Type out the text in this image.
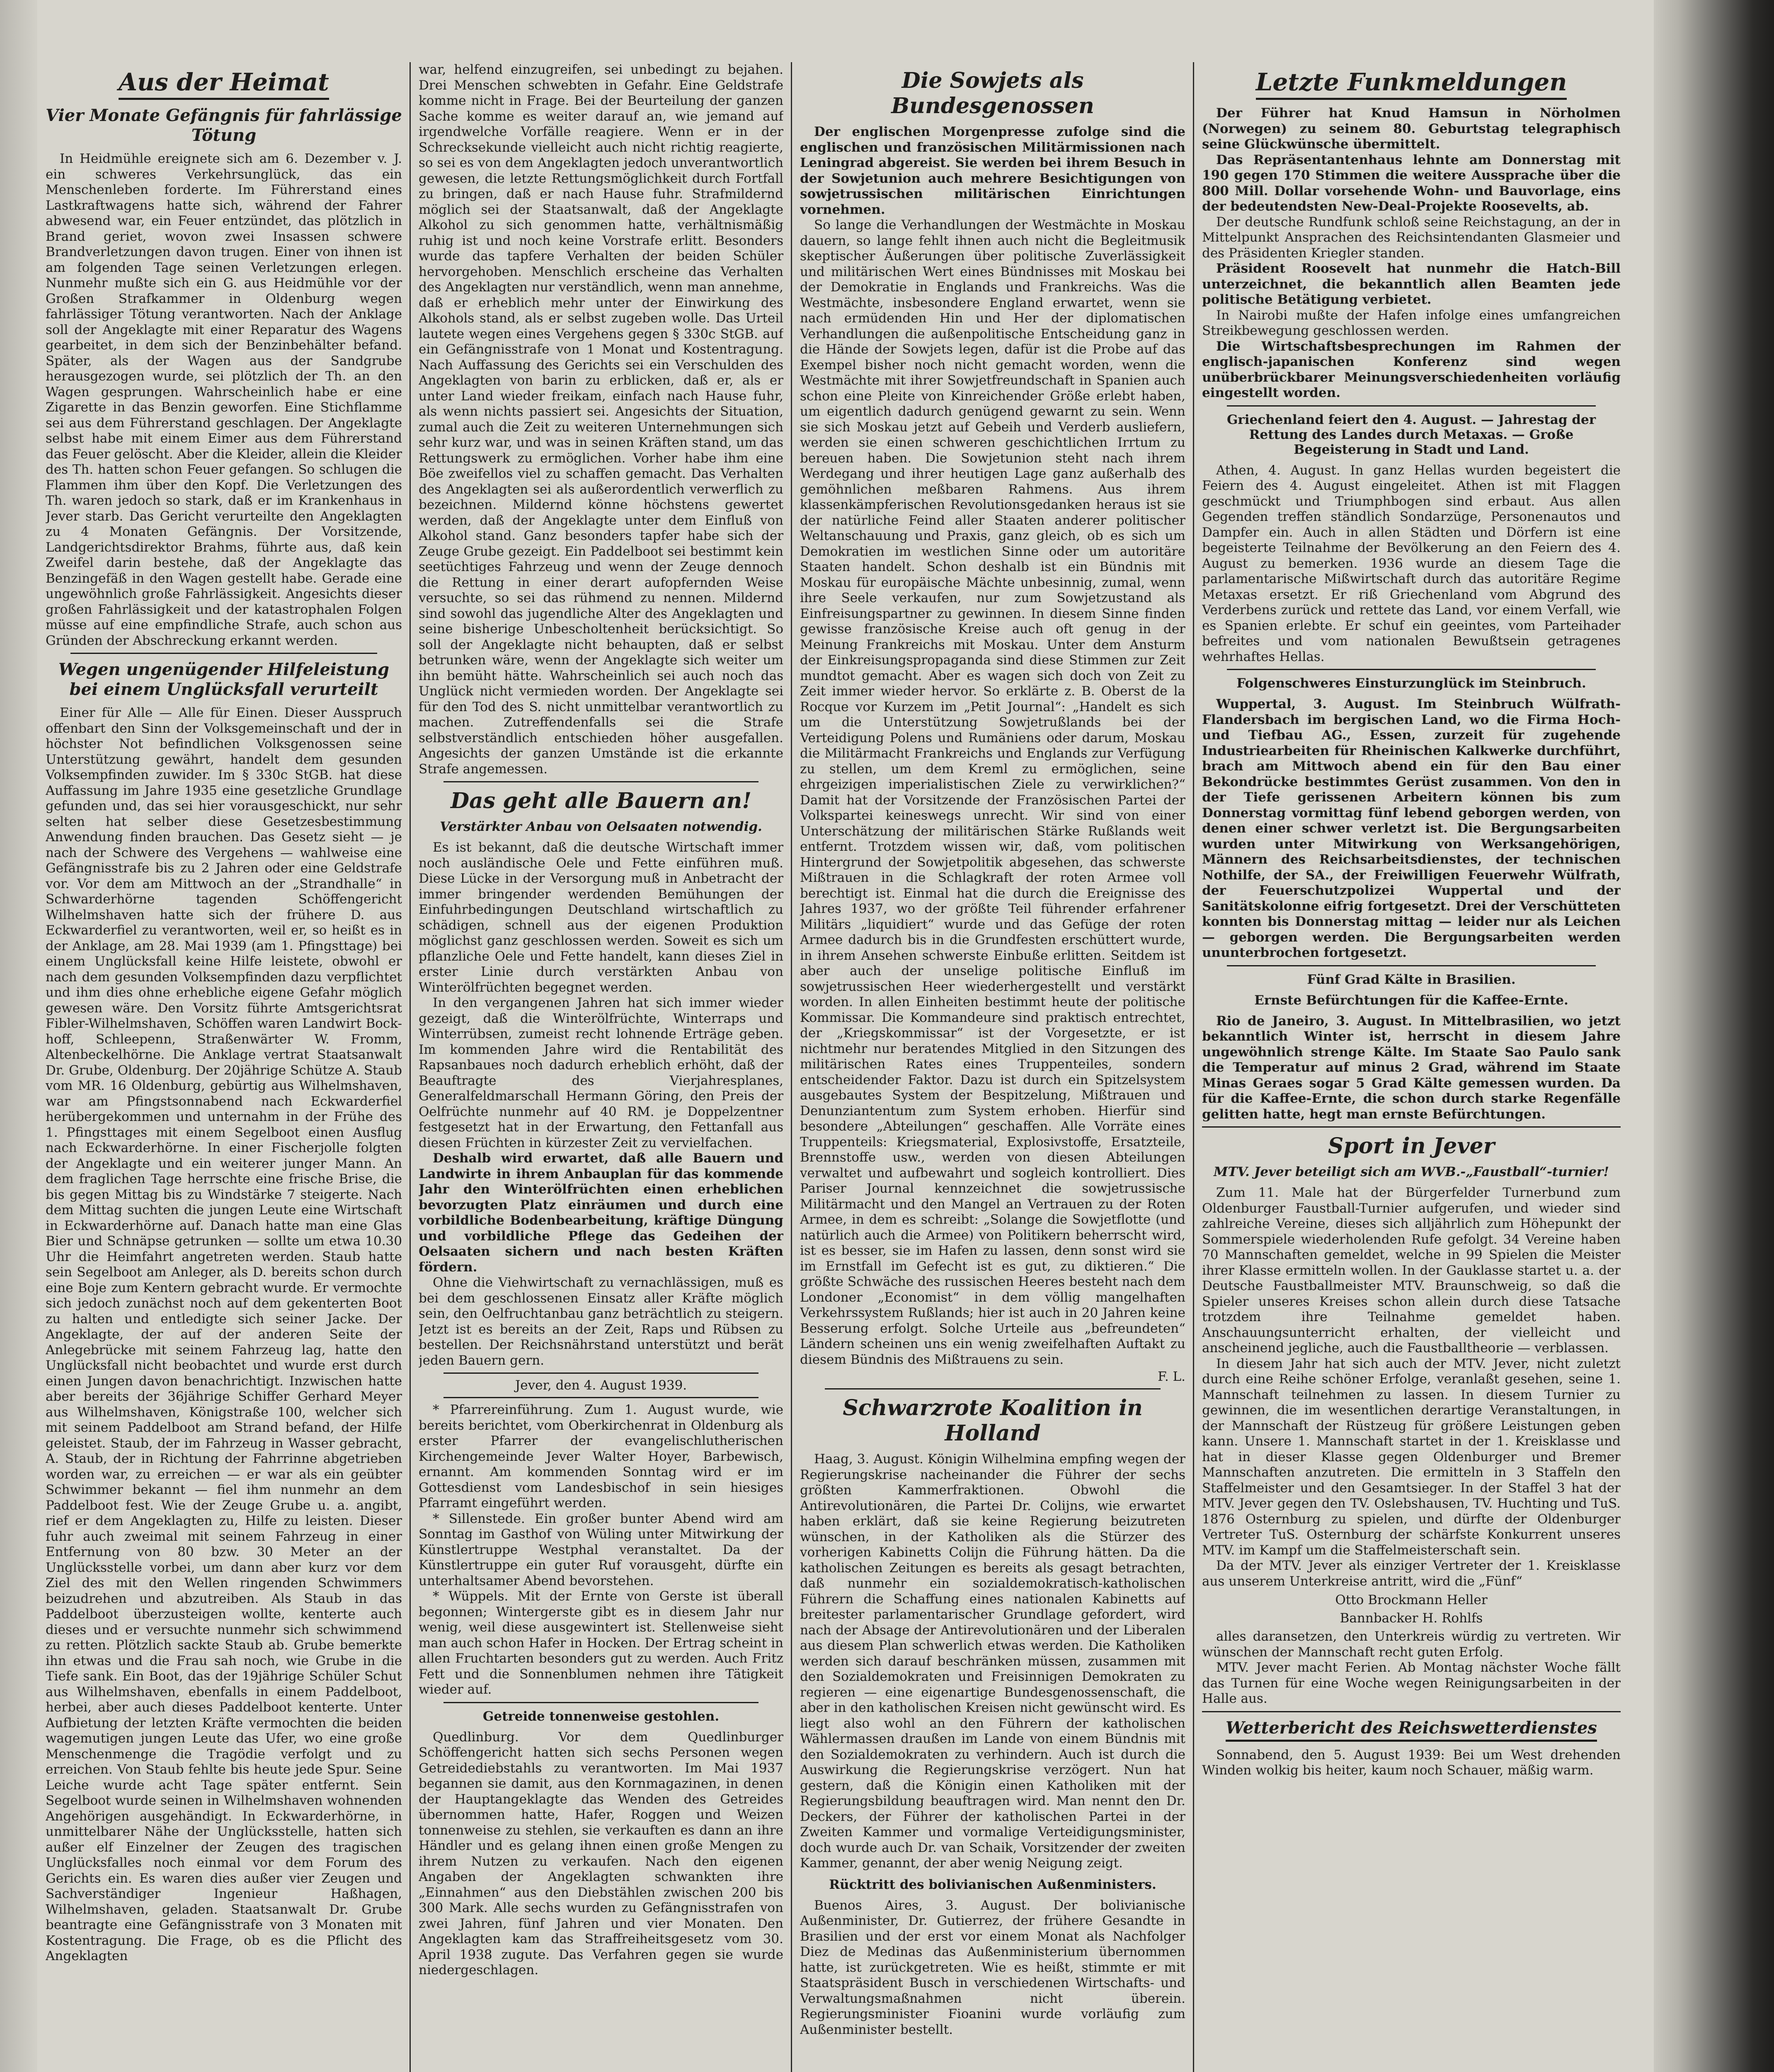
Aus der Heimat
Vier Monate Gefängnis für fahrlässige Tötung

In Heidmühle ereignete sich am 6. Dezember v. J. ein schweres Verkehrsunglück, das ein Menschenleben forderte. Im Führerstand eines Lastkraftwagens hatte sich, während der Fahrer abwesend war, ein Feuer entzündet, das plötzlich in Brand geriet, wovon zwei Insassen schwere Brandverletzungen davon trugen. Einer von ihnen ist am folgenden Tage seinen Verletzungen erlegen. Nunmehr mußte sich ein G. aus Heidmühle vor der Großen Strafkammer in Oldenburg wegen fahrlässiger Tötung verantworten. Nach der Anklage soll der Angeklagte mit einer Reparatur des Wagens gearbeitet, in dem sich der Benzinbehälter befand. Später, als der Wagen aus der Sandgrube herausgezogen wurde, sei plötzlich der Th. an den Wagen gesprungen. Wahrscheinlich habe er eine Zigarette in das Benzin geworfen. Eine Stichflamme sei aus dem Führerstand geschlagen. Der Angeklagte selbst habe mit einem Eimer aus dem Führerstand das Feuer gelöscht. Aber die Kleider, allein die Kleider des Th. hatten schon Feuer gefangen. So schlugen die Flammen ihm über den Kopf. Die Verletzungen des Th. waren jedoch so stark, daß er im Krankenhaus in Jever starb. Das Gericht verurteilte den Angeklagten zu 4 Monaten Gefängnis. Der Vorsitzende, Landgerichtsdirektor Brahms, führte aus, daß kein Zweifel darin bestehe, daß der Angeklagte das Benzingefäß in den Wagen gestellt habe. Gerade eine ungewöhnlich große Fahrlässigkeit. Angesichts dieser großen Fahrlässigkeit und der katastrophalen Folgen müsse auf eine empfindliche Strafe, auch schon aus Gründen der Abschreckung erkannt werden.

Wegen ungenügender Hilfeleistung bei einem Unglücksfall verurteilt

Einer für Alle — Alle für Einen. Dieser Ausspruch offenbart den Sinn der Volksgemeinschaft und der in höchster Not befindlichen Volksgenossen seine Unterstützung gewährt, handelt dem gesunden Volksempfinden zuwider. Im § 330c StGB. hat diese Auffassung im Jahre 1935 eine gesetzliche Grundlage gefunden und, das sei hier vorausgeschickt, nur sehr selten hat selber diese Gesetzesbestimmung Anwendung finden brauchen. Das Gesetz sieht — je nach der Schwere des Vergehens — wahlweise eine Gefängnisstrafe bis zu 2 Jahren oder eine Geldstrafe vor. Vor dem am Mittwoch an der „Strandhalle“ in Schwarderhörne tagenden Schöffengericht Wilhelmshaven hatte sich der frühere D. aus Eckwarderfiel zu verantworten, weil er, so heißt es in der Anklage, am 28. Mai 1939 (am 1. Pfingsttage) bei einem Unglücksfall keine Hilfe leistete, obwohl er nach dem gesunden Volksempfinden dazu verpflichtet und ihm dies ohne erhebliche eigene Gefahr möglich gewesen wäre. Den Vorsitz führte Amtsgerichtsrat Fibler-Wilhelmshaven, Schöffen waren Landwirt Bock-hoff, Schleepenn, Straßenwärter W. Fromm, Altenbeckelhörne. Die Anklage vertrat Staatsanwalt Dr. Grube, Oldenburg. Der 20jährige Schütze A. Staub vom MR. 16 Oldenburg, gebürtig aus Wilhelmshaven, war am Pfingstsonnabend nach Eckwarderfiel herübergekommen und unternahm in der Frühe des 1. Pfingsttages mit einem Segelboot einen Ausflug nach Eckwarderhörne. In einer Fischerjolle folgten der Angeklagte und ein weiterer junger Mann. An dem fraglichen Tage herrschte eine frische Brise, die bis gegen Mittag bis zu Windstärke 7 steigerte. Nach dem Mittag suchten die jungen Leute eine Wirtschaft in Eckwarderhörne auf. Danach hatte man eine Glas Bier und Schnäpse getrunken — sollte um etwa 10.30 Uhr die Heimfahrt angetreten werden. Staub hatte sein Segelboot am Anleger, als D. bereits schon durch eine Boje zum Kentern gebracht wurde. Er vermochte sich jedoch zunächst noch auf dem gekenterten Boot zu halten und entledigte sich seiner Jacke. Der Angeklagte, der auf der anderen Seite der Anlegebrücke mit seinem Fahrzeug lag, hatte den Unglücksfall nicht beobachtet und wurde erst durch einen Jungen davon benachrichtigt. Inzwischen hatte aber bereits der 36jährige Schiffer Gerhard Meyer aus Wilhelmshaven, Königstraße 100, welcher sich mit seinem Paddelboot am Strand befand, der Hilfe geleistet. Staub, der im Fahrzeug in Wasser gebracht, A. Staub, der in Richtung der Fahrrinne abgetrieben worden war, zu erreichen — er war als ein geübter Schwimmer bekannt — fiel ihm nunmehr an dem Paddelboot fest. Wie der Zeuge Grube u. a. angibt, rief er dem Angeklagten zu, Hilfe zu leisten. Dieser fuhr auch zweimal mit seinem Fahrzeug in einer Entfernung von 80 bzw. 30 Meter an der Unglücksstelle vorbei, um dann aber kurz vor dem Ziel des mit den Wellen ringenden Schwimmers beizudrehen und abzutreiben. Als Staub in das Paddelboot überzusteigen wollte, kenterte auch dieses und er versuchte nunmehr sich schwimmend zu retten. Plötzlich sackte Staub ab. Grube bemerkte ihn etwas und die Frau sah noch, wie Grube in die Tiefe sank. Ein Boot, das der 19jährige Schüler Schut aus Wilhelmshaven, ebenfalls in einem Paddelboot, herbei, aber auch dieses Paddelboot kenterte. Unter Aufbietung der letzten Kräfte vermochten die beiden wagemutigen jungen Leute das Ufer, wo eine große Menschenmenge die Tragödie verfolgt und zu erreichen. Von Staub fehlte bis heute jede Spur. Seine Leiche wurde acht Tage später entfernt. Sein Segelboot wurde seinen in Wilhelmshaven wohnenden Angehörigen ausgehändigt. In Eckwarderhörne, in unmittelbarer Nähe der Unglücksstelle, hatten sich außer elf Einzelner der Zeugen des tragischen Unglücksfalles noch einmal vor dem Forum des Gerichts ein. Es waren dies außer vier Zeugen und Sachverständiger Ingenieur Haßhagen, Wilhelmshaven, geladen. Staatsanwalt Dr. Grube beantragte eine Gefängnisstrafe von 3 Monaten mit Kostentragung. Die Frage, ob es die Pflicht des Angeklagten

war, helfend einzugreifen, sei unbedingt zu bejahen. Drei Menschen schwebten in Gefahr. Eine Geldstrafe komme nicht in Frage. Bei der Beurteilung der ganzen Sache komme es weiter darauf an, wie jemand auf irgendwelche Vorfälle reagiere. Wenn er in der Schrecksekunde vielleicht auch nicht richtig reagierte, so sei es von dem Angeklagten jedoch unverantwortlich gewesen, die letzte Rettungsmöglichkeit durch Fortfall zu bringen, daß er nach Hause fuhr. Strafmildernd möglich sei der Staatsanwalt, daß der Angeklagte Alkohol zu sich genommen hatte, verhältnismäßig ruhig ist und noch keine Vorstrafe erlitt. Besonders wurde das tapfere Verhalten der beiden Schüler hervorgehoben. Menschlich erscheine das Verhalten des Angeklagten nur verständlich, wenn man annehme, daß er erheblich mehr unter der Einwirkung des Alkohols stand, als er selbst zugeben wolle. Das Urteil lautete wegen eines Vergehens gegen § 330c StGB. auf ein Gefängnisstrafe von 1 Monat und Kostentragung. Nach Auffassung des Gerichts sei ein Verschulden des Angeklagten von barin zu erblicken, daß er, als er unter Land wieder freikam, einfach nach Hause fuhr, als wenn nichts passiert sei. Angesichts der Situation, zumal auch die Zeit zu weiteren Unternehmungen sich sehr kurz war, und was in seinen Kräften stand, um das Rettungswerk zu ermöglichen. Vorher habe ihm eine Böe zweifellos viel zu schaffen gemacht. Das Verhalten des Angeklagten sei als außerordentlich verwerflich zu bezeichnen. Mildernd könne höchstens gewertet werden, daß der Angeklagte unter dem Einfluß von Alkohol stand. Ganz besonders tapfer habe sich der Zeuge Grube gezeigt. Ein Paddelboot sei bestimmt kein seetüchtiges Fahrzeug und wenn der Zeuge dennoch die Rettung in einer derart aufopfernden Weise versuchte, so sei das rühmend zu nennen. Mildernd sind sowohl das jugendliche Alter des Angeklagten und seine bisherige Unbescholtenheit berücksichtigt. So soll der Angeklagte nicht behaupten, daß er selbst betrunken wäre, wenn der Angeklagte sich weiter um ihn bemüht hätte. Wahrscheinlich sei auch noch das Unglück nicht vermieden worden. Der Angeklagte sei für den Tod des S. nicht unmittelbar verantwortlich zu machen. Zutreffendenfalls sei die Strafe selbstverständlich entschieden höher ausgefallen. Angesichts der ganzen Umstände ist die erkannte Strafe angemessen.

Das geht alle Bauern an!
Verstärkter Anbau von Oelsaaten notwendig.

Es ist bekannt, daß die deutsche Wirtschaft immer noch ausländische Oele und Fette einführen muß. Diese Lücke in der Versorgung muß in Anbetracht der immer bringender werdenden Bemühungen der Einfuhrbedingungen Deutschland wirtschaftlich zu schädigen, schnell aus der eigenen Produktion möglichst ganz geschlossen werden. Soweit es sich um pflanzliche Oele und Fette handelt, kann dieses Ziel in erster Linie durch verstärkten Anbau von Winterölfrüchten begegnet werden.

In den vergangenen Jahren hat sich immer wieder gezeigt, daß die Winterölfrüchte, Winterraps und Winterrübsen, zumeist recht lohnende Erträge geben. Im kommenden Jahre wird die Rentabilität des Rapsanbaues noch dadurch erheblich erhöht, daß der Beauftragte des Vierjahresplanes, Generalfeldmarschall Hermann Göring, den Preis der Oelfrüchte nunmehr auf 40 RM. je Doppelzentner festgesetzt hat in der Erwartung, den Fettanfall aus diesen Früchten in kürzester Zeit zu vervielfachen.

Deshalb wird erwartet, daß alle Bauern und Landwirte in ihrem Anbauplan für das kommende Jahr den Winterölfrüchten einen erheblichen bevorzugten Platz einräumen und durch eine vorbildliche Bodenbearbeitung, kräftige Düngung und vorbildliche Pflege das Gedeihen der Oelsaaten sichern und nach besten Kräften fördern.

Ohne die Viehwirtschaft zu vernachlässigen, muß es bei dem geschlossenen Einsatz aller Kräfte möglich sein, den Oelfruchtanbau ganz beträchtlich zu steigern. Jetzt ist es bereits an der Zeit, Raps und Rübsen zu bestellen. Der Reichsnährstand unterstützt und berät jeden Bauern gern.

Jever, den 4. August 1939.

* Pfarrereinführung. Zum 1. August wurde, wie bereits berichtet, vom Oberkirchenrat in Oldenburg als erster Pfarrer der evangelischlutherischen Kirchengemeinde Jever Walter Hoyer, Barbewisch, ernannt. Am kommenden Sonntag wird er im Gottesdienst vom Landesbischof in sein hiesiges Pfarramt eingeführt werden.

* Sillenstede. Ein großer bunter Abend wird am Sonntag im Gasthof von Wüling unter Mitwirkung der Künstlertruppe Westphal veranstaltet. Da der Künstlertruppe ein guter Ruf vorausgeht, dürfte ein unterhaltsamer Abend bevorstehen.

* Wüppels. Mit der Ernte von Gerste ist überall begonnen; Wintergerste gibt es in diesem Jahr nur wenig, weil diese ausgewintert ist. Stellenweise sieht man auch schon Hafer in Hocken. Der Ertrag scheint in allen Fruchtarten besonders gut zu werden. Auch Fritz Fett und die Sonnenblumen nehmen ihre Tätigkeit wieder auf.

Getreide tonnenweise gestohlen.

Quedlinburg. Vor dem Quedlinburger Schöffengericht hatten sich sechs Personen wegen Getreidediebstahls zu verantworten. Im Mai 1937 begannen sie damit, aus den Kornmagazinen, in denen der Hauptangeklagte das Wenden des Getreides übernommen hatte, Hafer, Roggen und Weizen tonnenweise zu stehlen, sie verkauften es dann an ihre Händler und es gelang ihnen einen große Mengen zu ihrem Nutzen zu verkaufen. Nach den eigenen Angaben der Angeklagten schwankten ihre „Einnahmen“ aus den Diebstählen zwischen 200 bis 300 Mark. Alle sechs wurden zu Gefängnisstrafen von zwei Jahren, fünf Jahren und vier Monaten. Den Angeklagten kam das Straffreiheitsgesetz vom 30. April 1938 zugute. Das Verfahren gegen sie wurde niedergeschlagen.

Die Sowjets als Bundesgenossen

Der englischen Morgenpresse zufolge sind die englischen und französischen Militärmissionen nach Leningrad abgereist. Sie werden bei ihrem Besuch in der Sowjetunion auch mehrere Besichtigungen von sowjetrussischen militärischen Einrichtungen vornehmen.

So lange die Verhandlungen der Westmächte in Moskau dauern, so lange fehlt ihnen auch nicht die Begleitmusik skeptischer Äußerungen über politische Zuverlässigkeit und militärischen Wert eines Bündnisses mit Moskau bei der Demokratie in Englands und Frankreichs. Was die Westmächte, insbesondere England erwartet, wenn sie nach ermüdenden Hin und Her der diplomatischen Verhandlungen die außenpolitische Entscheidung ganz in die Hände der Sowjets legen, dafür ist die Probe auf das Exempel bisher noch nicht gemacht worden, wenn die Westmächte mit ihrer Sowjetfreundschaft in Spanien auch schon eine Pleite von Kinreichender Größe erlebt haben, um eigentlich dadurch genügend gewarnt zu sein. Wenn sie sich Moskau jetzt auf Gebeih und Verderb ausliefern, werden sie einen schweren geschichtlichen Irrtum zu bereuen haben. Die Sowjetunion steht nach ihrem Werdegang und ihrer heutigen Lage ganz außerhalb des gemöhnlichen meßbaren Rahmens. Aus ihrem klassenkämpferischen Revolutionsgedanken heraus ist sie der natürliche Feind aller Staaten anderer politischer Weltanschauung und Praxis, ganz gleich, ob es sich um Demokratien im westlichen Sinne oder um autoritäre Staaten handelt. Schon deshalb ist ein Bündnis mit Moskau für europäische Mächte unbesinnig, zumal, wenn ihre Seele verkaufen, nur zum Sowjetzustand als Einfreisungspartner zu gewinnen. In diesem Sinne finden gewisse französische Kreise auch oft genug in der Meinung Frankreichs mit Moskau. Unter dem Ansturm der Einkreisungspropaganda sind diese Stimmen zur Zeit mundtot gemacht. Aber es wagen sich doch von Zeit zu Zeit immer wieder hervor. So erklärte z. B. Oberst de la Rocque vor Kurzem im „Petit Journal“: „Handelt es sich um die Unterstützung Sowjetrußlands bei der Verteidigung Polens und Rumäniens oder darum, Moskau die Militärmacht Frankreichs und Englands zur Verfügung zu stellen, um dem Kreml zu ermöglichen, seine ehrgeizigen imperialistischen Ziele zu verwirklichen?“ Damit hat der Vorsitzende der Französischen Partei der Volkspartei keineswegs unrecht. Wir sind von einer Unterschätzung der militärischen Stärke Rußlands weit entfernt. Trotzdem wissen wir, daß, vom politischen Hintergrund der Sowjetpolitik abgesehen, das schwerste Mißtrauen in die Schlagkraft der roten Armee voll berechtigt ist. Einmal hat die durch die Ereignisse des Jahres 1937, wo der größte Teil führender erfahrener Militärs „liquidiert“ wurde und das Gefüge der roten Armee dadurch bis in die Grundfesten erschüttert wurde, in ihrem Ansehen schwerste Einbuße erlitten. Seitdem ist aber auch der unselige politische Einfluß im sowjetrussischen Heer wiederhergestellt und verstärkt worden. In allen Einheiten bestimmt heute der politische Kommissar. Die Kommandeure sind praktisch entrechtet, der „Kriegskommissar“ ist der Vorgesetzte, er ist nichtmehr nur beratendes Mitglied in den Sitzungen des militärischen Rates eines Truppenteiles, sondern entscheidender Faktor. Dazu ist durch ein Spitzelsystem ausgebautes System der Bespitzelung, Mißtrauen und Denunziantentum zum System erhoben. Hierfür sind besondere „Abteilungen“ geschaffen. Alle Vorräte eines Truppenteils: Kriegsmaterial, Explosivstoffe, Ersatzteile, Brennstoffe usw., werden von diesen Abteilungen verwaltet und aufbewahrt und sogleich kontrolliert. Dies Pariser Journal kennzeichnet die sowjetrussische Militärmacht und den Mangel an Vertrauen zu der Roten Armee, in dem es schreibt: „Solange die Sowjetflotte (und natürlich auch die Armee) von Politikern beherrscht wird, ist es besser, sie im Hafen zu lassen, denn sonst wird sie im Ernstfall im Gefecht ist es gut, zu diktieren.“ Die größte Schwäche des russischen Heeres besteht nach dem Londoner „Economist“ in dem völlig mangelhaften Verkehrssystem Rußlands; hier ist auch in 20 Jahren keine Besserung erfolgt. Solche Urteile aus „befreundeten“ Ländern scheinen uns ein wenig zweifelhaften Auftakt zu diesem Bündnis des Mißtrauens zu sein.

F. L.
Schwarzrote Koalition in Holland

Haag, 3. August. Königin Wilhelmina empfing wegen der Regierungskrise nacheinander die Führer der sechs größten Kammerfraktionen. Obwohl die Antirevolutionären, die Partei Dr. Colijns, wie erwartet haben erklärt, daß sie keine Regierung beizutreten wünschen, in der Katholiken als die Stürzer des vorherigen Kabinetts Colijn die Führung hätten. Da die katholischen Zeitungen es bereits als gesagt betrachten, daß nunmehr ein sozialdemokratisch-katholischen Führern die Schaffung eines nationalen Kabinetts auf breitester parlamentarischer Grundlage gefordert, wird nach der Absage der Antirevolutionären und der Liberalen aus diesem Plan schwerlich etwas werden. Die Katholiken werden sich darauf beschränken müssen, zusammen mit den Sozialdemokraten und Freisinnigen Demokraten zu regieren — eine eigenartige Bundesgenossenschaft, die aber in den katholischen Kreisen nicht gewünscht wird. Es liegt also wohl an den Führern der katholischen Wählermassen draußen im Lande von einem Bündnis mit den Sozialdemokraten zu verhindern. Auch ist durch die Auswirkung die Regierungskrise verzögert. Nun hat gestern, daß die Königin einen Katholiken mit der Regierungsbildung beauftragen wird. Man nennt den Dr. Deckers, der Führer der katholischen Partei in der Zweiten Kammer und vormalige Verteidigungsminister, doch wurde auch Dr. van Schaik, Vorsitzender der zweiten Kammer, genannt, der aber wenig Neigung zeigt.

Rücktritt des bolivianischen Außenministers.

Buenos Aires, 3. August. Der bolivianische Außenminister, Dr. Gutierrez, der frühere Gesandte in Brasilien und der erst vor einem Monat als Nachfolger Diez de Medinas das Außenministerium übernommen hatte, ist zurückgetreten. Wie es heißt, stimmte er mit Staatspräsident Busch in verschiedenen Wirtschafts- und Verwaltungsmaßnahmen nicht überein. Regierungsminister Fioanini wurde vorläufig zum Außenminister bestellt.

Letzte Funkmeldungen

Der Führer hat Knud Hamsun in Nörholmen (Norwegen) zu seinem 80. Geburtstag telegraphisch seine Glückwünsche übermittelt.

Das Repräsentantenhaus lehnte am Donnerstag mit 190 gegen 170 Stimmen die weitere Aussprache über die 800 Mill. Dollar vorsehende Wohn- und Bauvorlage, eins der bedeutendsten New-Deal-Projekte Roosevelts, ab.

Der deutsche Rundfunk schloß seine Reichstagung, an der in Mittelpunkt Ansprachen des Reichsintendanten Glasmeier und des Präsidenten Kriegler standen.

Präsident Roosevelt hat nunmehr die Hatch-Bill unterzeichnet, die bekanntlich allen Beamten jede politische Betätigung verbietet.

In Nairobi mußte der Hafen infolge eines umfangreichen Streikbewegung geschlossen werden.

Die Wirtschaftsbesprechungen im Rahmen der englisch-japanischen Konferenz sind wegen unüberbrückbarer Meinungsverschiedenheiten vorläufig eingestellt worden.

Griechenland feiert den 4. August. — Jahrestag der Rettung des Landes durch Metaxas. — Große Begeisterung in Stadt und Land.

Athen, 4. August. In ganz Hellas wurden begeistert die Feiern des 4. August eingeleitet. Athen ist mit Flaggen geschmückt und Triumphbogen sind erbaut. Aus allen Gegenden treffen ständlich Sondarzüge, Personenautos und Dampfer ein. Auch in allen Städten und Dörfern ist eine begeisterte Teilnahme der Bevölkerung an den Feiern des 4. August zu bemerken. 1936 wurde an diesem Tage die parlamentarische Mißwirtschaft durch das autoritäre Regime Metaxas ersetzt. Er riß Griechenland vom Abgrund des Verderbens zurück und rettete das Land, vor einem Verfall, wie es Spanien erlebte. Er schuf ein geeintes, vom Parteihader befreites und vom nationalen Bewußtsein getragenes wehrhaftes Hellas.

Folgenschweres Einsturzunglück im Steinbruch.

Wuppertal, 3. August. Im Steinbruch Wülfrath-Flandersbach im bergischen Land, wo die Firma Hoch- und Tiefbau AG., Essen, zurzeit für zugehende Industriearbeiten für Rheinischen Kalkwerke durchführt, brach am Mittwoch abend ein für den Bau einer Bekondrücke bestimmtes Gerüst zusammen. Von den in der Tiefe gerissenen Arbeitern können bis zum Donnerstag vormittag fünf lebend geborgen werden, von denen einer schwer verletzt ist. Die Bergungsarbeiten wurden unter Mitwirkung von Werksangehörigen, Männern des Reichsarbeitsdienstes, der technischen Nothilfe, der SA., der Freiwilligen Feuerwehr Wülfrath, der Feuerschutzpolizei Wuppertal und der Sanitätskolonne eifrig fortgesetzt. Drei der Verschütteten konnten bis Donnerstag mittag — leider nur als Leichen — geborgen werden. Die Bergungsarbeiten werden ununterbrochen fortgesetzt.

Fünf Grad Kälte in Brasilien.
Ernste Befürchtungen für die Kaffee-Ernte.

Rio de Janeiro, 3. August. In Mittelbrasilien, wo jetzt bekanntlich Winter ist, herrscht in diesem Jahre ungewöhnlich strenge Kälte. Im Staate Sao Paulo sank die Temperatur auf minus 2 Grad, während im Staate Minas Geraes sogar 5 Grad Kälte gemessen wurden. Da für die Kaffee-Ernte, die schon durch starke Regenfälle gelitten hatte, hegt man ernste Befürchtungen.

Sport in Jever
MTV. Jever beteiligt sich am WVB.-„Faustball“-turnier!

Zum 11. Male hat der Bürgerfelder Turnerbund zum Oldenburger Faustball-Turnier aufgerufen, und wieder sind zahlreiche Vereine, dieses sich alljährlich zum Höhepunkt der Sommerspiele wiederholenden Rufe gefolgt. 34 Vereine haben 70 Mannschaften gemeldet, welche in 99 Spielen die Meister ihrer Klasse ermitteln wollen. In der Gauklasse startet u. a. der Deutsche Faustballmeister MTV. Braunschweig, so daß die Spieler unseres Kreises schon allein durch diese Tatsache trotzdem ihre Teilnahme gemeldet haben. Anschauungsunterricht erhalten, der vielleicht und anscheinend jegliche, auch die Faustballtheorie — verblassen.

In diesem Jahr hat sich auch der MTV. Jever, nicht zuletzt durch eine Reihe schöner Erfolge, veranlaßt gesehen, seine 1. Mannschaft teilnehmen zu lassen. In diesem Turnier zu gewinnen, die im wesentlichen derartige Veranstaltungen, in der Mannschaft der Rüstzeug für größere Leistungen geben kann. Unsere 1. Mannschaft startet in der 1. Kreisklasse und hat in dieser Klasse gegen Oldenburger und Bremer Mannschaften anzutreten. Die ermitteln in 3 Staffeln den Staffelmeister und den Gesamtsieger. In der Staffel 3 hat der MTV. Jever gegen den TV. Oslebshausen, TV. Huchting und TuS. 1876 Osternburg zu spielen, und dürfte der Oldenburger Vertreter TuS. Osternburg der schärfste Konkurrent unseres MTV. im Kampf um die Staffelmeisterschaft sein.

Da der MTV. Jever als einziger Vertreter der 1. Kreisklasse aus unserem Unterkreise antritt, wird die „Fünf“

Otto Brockmann Heller
Bannbacker H. Rohlfs

alles daransetzen, den Unterkreis würdig zu vertreten. Wir wünschen der Mannschaft recht guten Erfolg.

MTV. Jever macht Ferien. Ab Montag nächster Woche fällt das Turnen für eine Woche wegen Reinigungsarbeiten in der Halle aus.

Wetterbericht des Reichswetterdienstes

Sonnabend, den 5. August 1939: Bei um West drehenden Winden wolkig bis heiter, kaum noch Schauer, mäßig warm.
